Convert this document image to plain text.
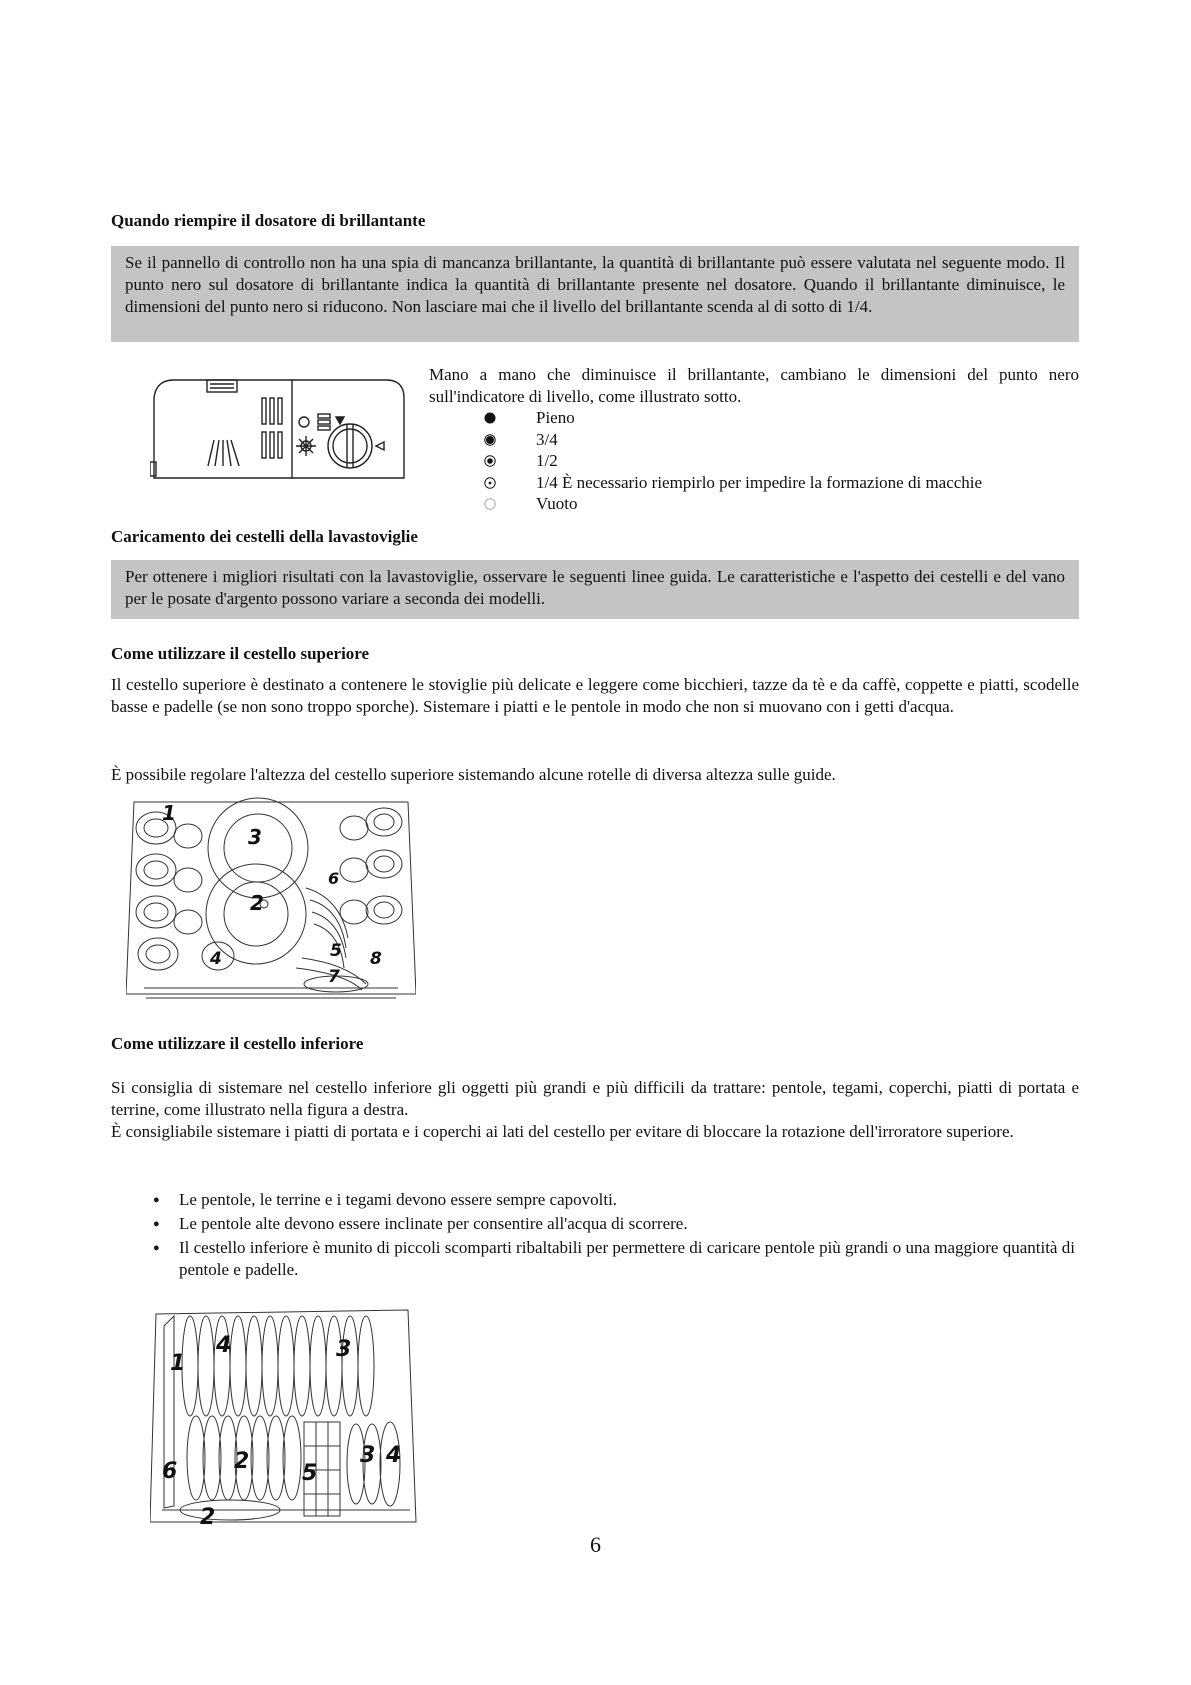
Quando riempire il dosatore di brillantante
Se il pannello di controllo non ha una spia di mancanza brillantante, la quantità di brillantante può essere valutata nel seguente modo. Il punto nero sul dosatore di brillantante indica la quantità di brillantante presente nel dosatore. Quando il brillantante diminuisce, le dimensioni del punto nero si riducono. Non lasciare mai che il livello del brillantante scenda al di sotto di 1/4.
Mano a mano che diminuisce il brillantante, cambiano le dimensioni del punto nero sull'indicatore di livello, come illustrato sotto.
Pieno
3/4
1/2
1/4 È necessario riempirlo per impedire la formazione di macchie
Vuoto
Caricamento dei cestelli della lavastoviglie
Per ottenere i migliori risultati con la lavastoviglie, osservare le seguenti linee guida. Le caratteristiche e l'aspetto dei cestelli e del vano per le posate d'argento possono variare a seconda dei modelli.
Come utilizzare il cestello superiore
Il cestello superiore è destinato a contenere le stoviglie più delicate e leggere come bicchieri, tazze da tè e da caffè, coppette e piatti, scodelle basse e padelle (se non sono troppo sporche). Sistemare i piatti e le pentole in modo che non si muovano con i getti d'acqua.
È possibile regolare l'altezza del cestello superiore sistemando alcune rotelle di diversa altezza sulle guide.
1
3
6
2
4	5 8
7
Come utilizzare il cestello inferiore
Si consiglia di sistemare nel cestello inferiore gli oggetti più grandi e più difficili da trattare: pentole, tegami, coperchi, piatti di portata e terrine, come illustrato nella figura a destra.
È consigliabile sistemare i piatti di portata e i coperchi ai lati del cestello per evitare di bloccare la rotazione dell'irroratore superiore.
● Le pentole, le terrine e i tegami devono essere sempre capovolti.
● Le pentole alte devono essere inclinate per consentire all'acqua di scorrere.
● Il cestello inferiore è munito di piccoli scomparti ribaltabili per permettere di caricare pentole più grandi o una maggiore quantità di pentole e padelle.
1
4	3
6	2 5
3 4
2
6
